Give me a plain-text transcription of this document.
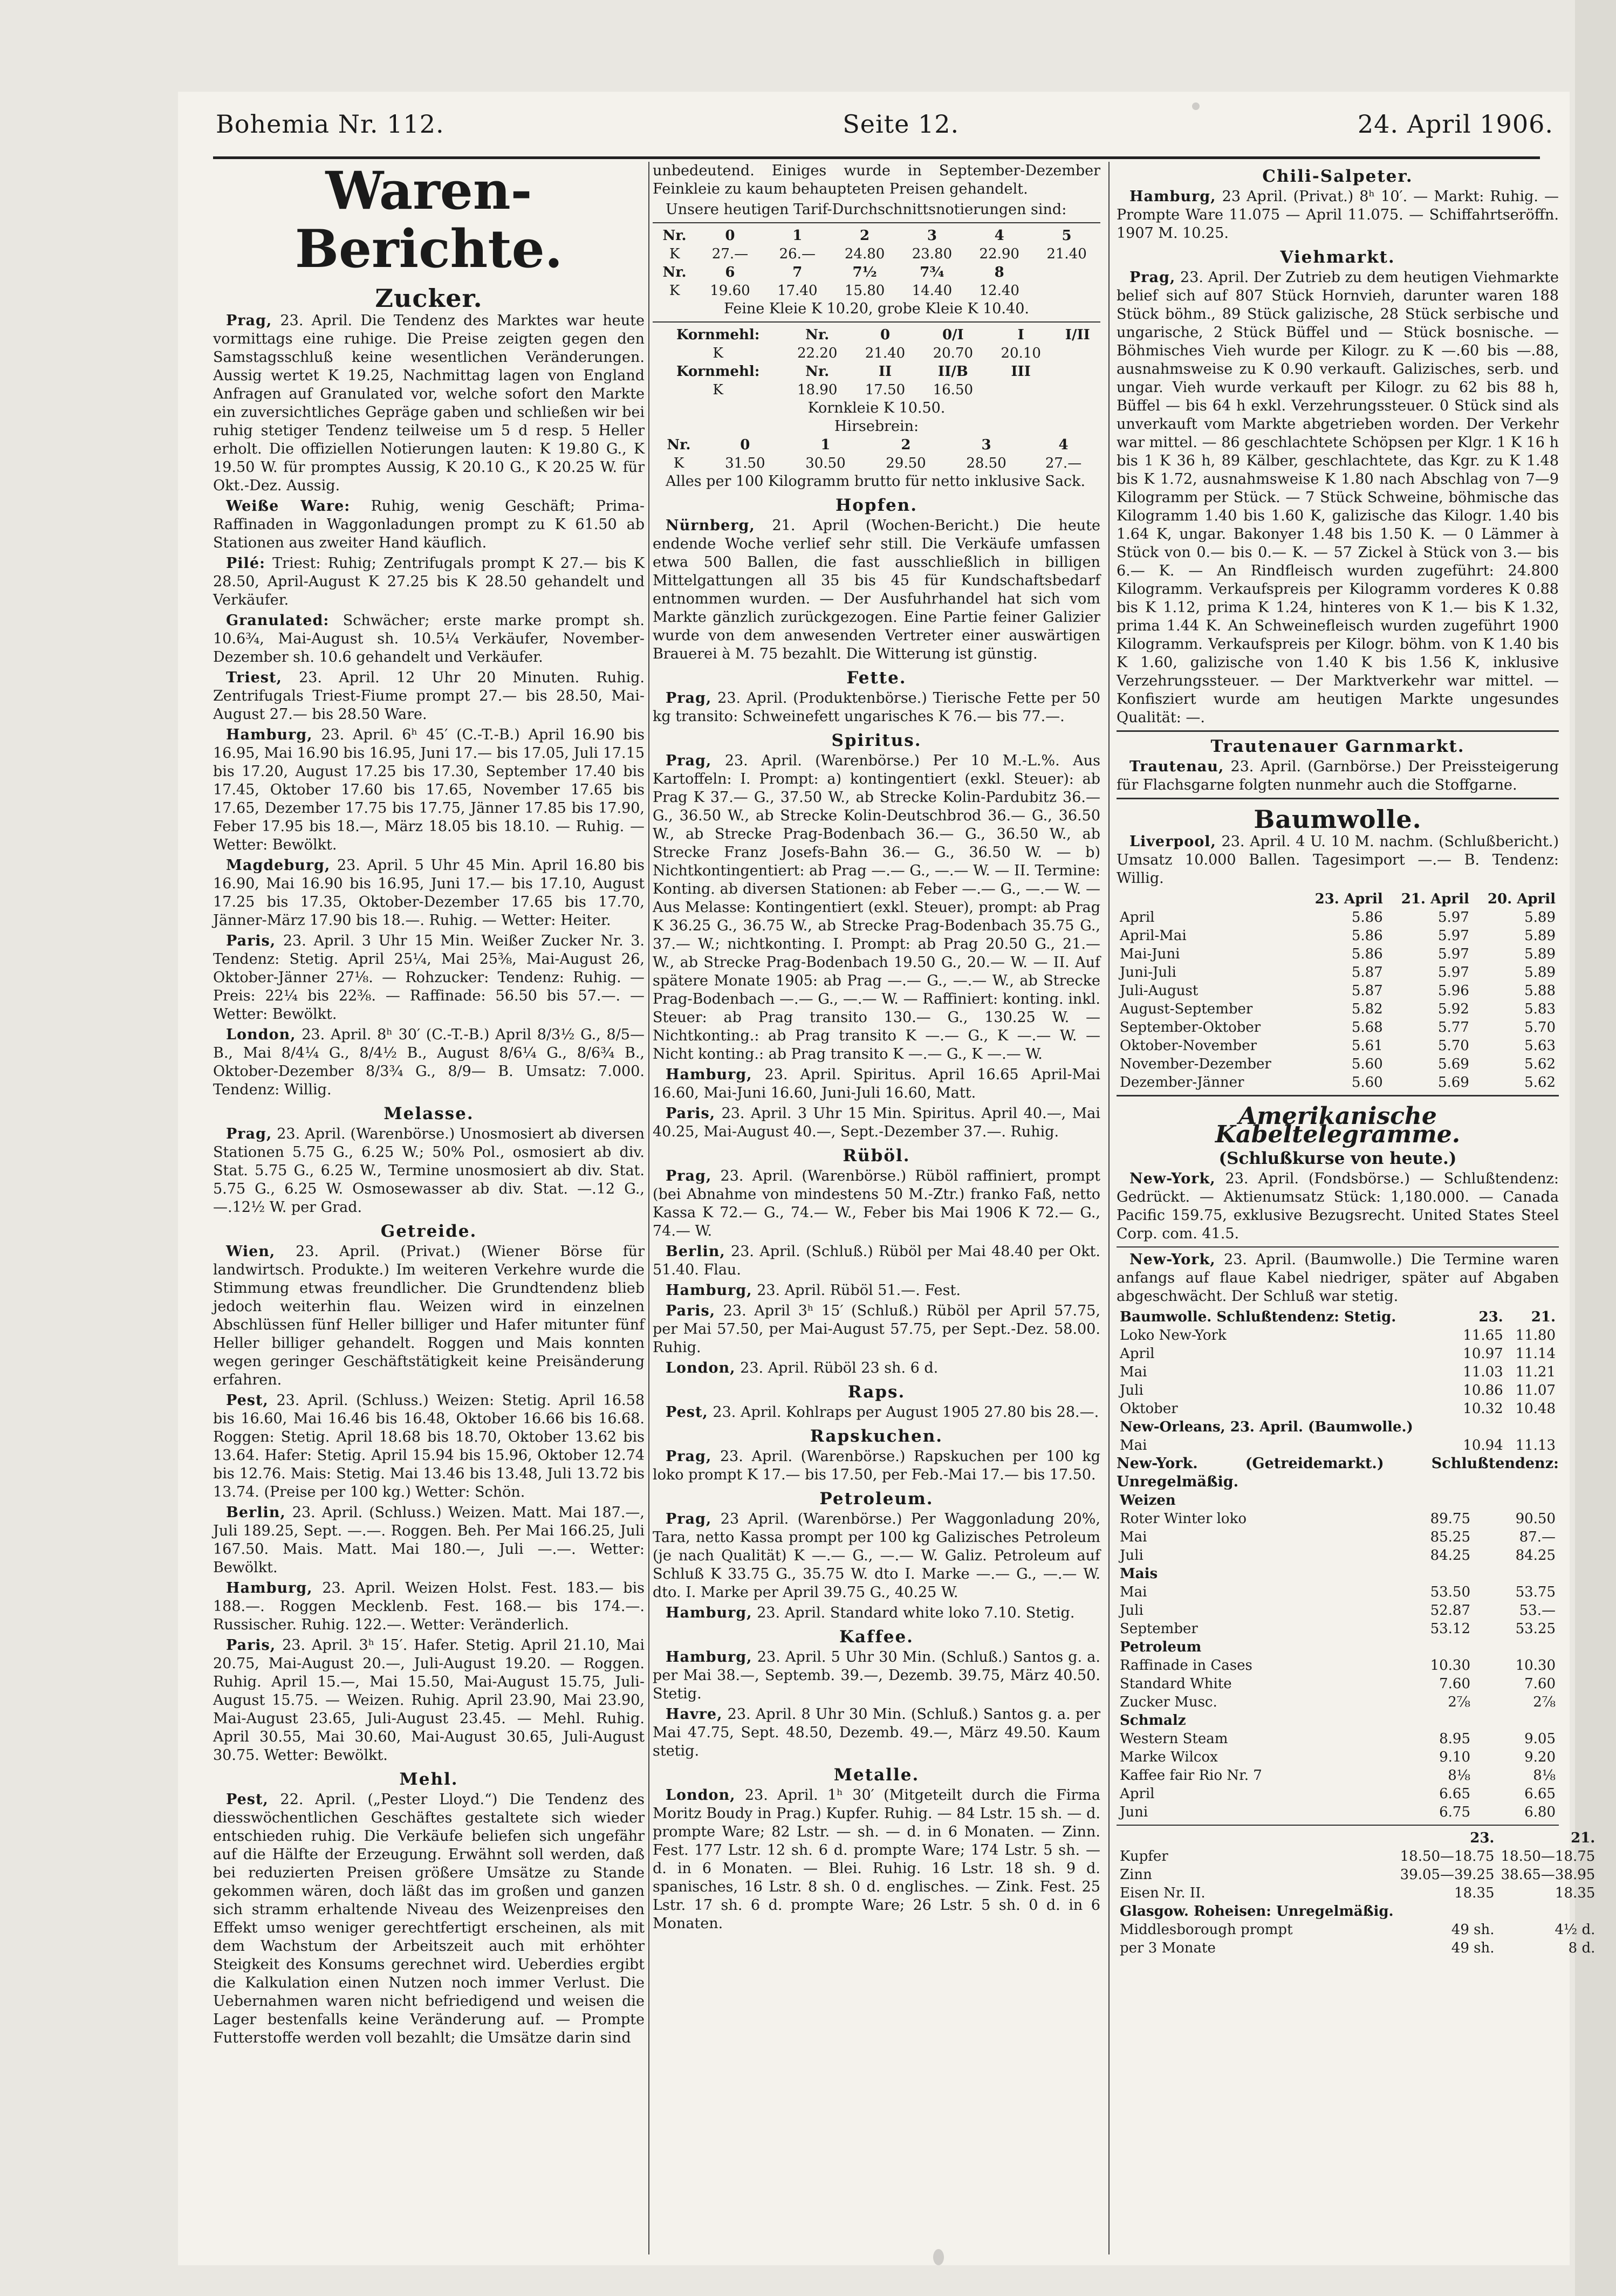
Bohemia Nr. 112.	Seite 12.	24. April 1906.
Waren-Berichte.
Zucker.

Prag, 23. April. Die Tendenz des Marktes war heute vormittags eine ruhige. Die Preise zeigten gegen den Samstagsschluß keine wesentlichen Veränderungen. Aussig wertet K 19.25, Nachmittag lagen von England Anfragen auf Granulated vor, welche sofort den Markte ein zuversichtliches Gepräge gaben und schließen wir bei ruhig stetiger Tendenz teilweise um 5 d resp. 5 Heller erholt. Die offiziellen Notierungen lauten: K 19.80 G., K 19.50 W. für promptes Aussig, K 20.10 G., K 20.25 W. für Okt.-Dez. Aussig.

Weiße Ware: Ruhig, wenig Geschäft; Prima-Raffinaden in Waggonladungen prompt zu K 61.50 ab Stationen aus zweiter Hand käuflich.

Pilé: Triest: Ruhig; Zentrifugals prompt K 27.— bis K 28.50, April-August K 27.25 bis K 28.50 gehandelt und Verkäufer.

Granulated: Schwächer; erste marke prompt sh. 10.6¾, Mai-August sh. 10.5¼ Verkäufer, November-Dezember sh. 10.6 gehandelt und Verkäufer.

Triest, 23. April. 12 Uhr 20 Minuten. Ruhig. Zentrifugals Triest-Fiume prompt 27.— bis 28.50, Mai-August 27.— bis 28.50 Ware.

Hamburg, 23. April. 6ʰ 45′ (C.-T.-B.) April 16.90 bis 16.95, Mai 16.90 bis 16.95, Juni 17.— bis 17.05, Juli 17.15 bis 17.20, August 17.25 bis 17.30, September 17.40 bis 17.45, Oktober 17.60 bis 17.65, November 17.65 bis 17.65, Dezember 17.75 bis 17.75, Jänner 17.85 bis 17.90, Feber 17.95 bis 18.—, März 18.05 bis 18.10. — Ruhig. — Wetter: Bewölkt.

Magdeburg, 23. April. 5 Uhr 45 Min. April 16.80 bis 16.90, Mai 16.90 bis 16.95, Juni 17.— bis 17.10, August 17.25 bis 17.35, Oktober-Dezember 17.65 bis 17.70, Jänner-März 17.90 bis 18.—. Ruhig. — Wetter: Heiter.

Paris, 23. April. 3 Uhr 15 Min. Weißer Zucker Nr. 3. Tendenz: Stetig. April 25¼, Mai 25⅜, Mai-August 26, Oktober-Jänner 27⅛. — Rohzucker: Tendenz: Ruhig. — Preis: 22¼ bis 22⅜. — Raffinade: 56.50 bis 57.—. — Wetter: Bewölkt.

London, 23. April. 8ʰ 30′ (C.-T.-B.) April 8/3½ G., 8/5— B., Mai 8/4¼ G., 8/4½ B., August 8/6¼ G., 8/6¾ B., Oktober-Dezember 8/3¾ G., 8/9— B. Umsatz: 7.000. Tendenz: Willig.

Melasse.

Prag, 23. April. (Warenbörse.) Unosmosiert ab diversen Stationen 5.75 G., 6.25 W.; 50% Pol., osmosiert ab div. Stat. 5.75 G., 6.25 W., Termine unosmosiert ab div. Stat. 5.75 G., 6.25 W. Osmosewasser ab div. Stat. —.12 G., —.12½ W. per Grad.

Getreide.

Wien, 23. April. (Privat.) (Wiener Börse für landwirtsch. Produkte.) Im weiteren Verkehre wurde die Stimmung etwas freundlicher. Die Grundtendenz blieb jedoch weiterhin flau. Weizen wird in einzelnen Abschlüssen fünf Heller billiger und Hafer mitunter fünf Heller billiger gehandelt. Roggen und Mais konnten wegen geringer Geschäftstätigkeit keine Preisänderung erfahren.

Pest, 23. April. (Schluss.) Weizen: Stetig. April 16.58 bis 16.60, Mai 16.46 bis 16.48, Oktober 16.66 bis 16.68. Roggen: Stetig. April 18.68 bis 18.70, Oktober 13.62 bis 13.64. Hafer: Stetig. April 15.94 bis 15.96, Oktober 12.74 bis 12.76. Mais: Stetig. Mai 13.46 bis 13.48, Juli 13.72 bis 13.74. (Preise per 100 kg.) Wetter: Schön.

Berlin, 23. April. (Schluss.) Weizen. Matt. Mai 187.—, Juli 189.25, Sept. —.—. Roggen. Beh. Per Mai 166.25, Juli 167.50. Mais. Matt. Mai 180.—, Juli —.—. Wetter: Bewölkt.

Hamburg, 23. April. Weizen Holst. Fest. 183.— bis 188.—. Roggen Mecklenb. Fest. 168.— bis 174.—. Russischer. Ruhig. 122.—. Wetter: Veränderlich.

Paris, 23. April. 3ʰ 15′. Hafer. Stetig. April 21.10, Mai 20.75, Mai-August 20.—, Juli-August 19.20. — Roggen. Ruhig. April 15.—, Mai 15.50, Mai-August 15.75, Juli-August 15.75. — Weizen. Ruhig. April 23.90, Mai 23.90, Mai-August 23.65, Juli-August 23.45. — Mehl. Ruhig. April 30.55, Mai 30.60, Mai-August 30.65, Juli-August 30.75. Wetter: Bewölkt.

Mehl.

Pest, 22. April. („Pester Lloyd.“) Die Tendenz des diesswöchentlichen Geschäftes gestaltete sich wieder entschieden ruhig. Die Verkäufe beliefen sich ungefähr auf die Hälfte der Erzeugung. Erwähnt soll werden, daß bei reduzierten Preisen größere Umsätze zu Stande gekommen wären, doch läßt das im großen und ganzen sich stramm erhaltende Niveau des Weizenpreises den Effekt umso weniger gerechtfertigt erscheinen, als mit dem Wachstum der Arbeitszeit auch mit erhöhter Steigkeit des Konsums gerechnet wird. Ueberdies ergibt die Kalkulation einen Nutzen noch immer Verlust. Die Uebernahmen waren nicht befriedigend und weisen die Lager bestenfalls keine Veränderung auf. — Prompte Futterstoffe werden voll bezahlt; die Umsätze darin sind

unbedeutend. Einiges wurde in September-Dezember Feinkleie zu kaum behaupteten Preisen gehandelt.

Unsere heutigen Tarif-Durchschnittsnotierungen sind:

Nr.	0	1	2	3	4	5
K	27.—	26.—	24.80	23.80	22.90	21.40
Nr.	6	7	7½	7¾	8	
K	19.60	17.40	15.80	14.40	12.40	
Feine Kleie K 10.20, grobe Kleie K 10.40.
Kornmehl:	Nr.	0	0/I	I	I/II
K	22.20	21.40	20.70	20.10	
Kornmehl:	Nr.	II	II/B	III	
K	18.90	17.50	16.50		
Kornkleie K 10.50.
Hirsebrein:
Nr.	0	1	2	3	4
K	31.50	30.50	29.50	28.50	27.—

Alles per 100 Kilogramm brutto für netto inklusive Sack.

Hopfen.

Nürnberg, 21. April (Wochen-Bericht.) Die heute endende Woche verlief sehr still. Die Verkäufe umfassen etwa 500 Ballen, die fast ausschließlich in billigen Mittelgattungen all 35 bis 45 für Kundschaftsbedarf entnommen wurden. — Der Ausfuhrhandel hat sich vom Markte gänzlich zurückgezogen. Eine Partie feiner Galizier wurde von dem anwesenden Vertreter einer auswärtigen Brauerei à M. 75 bezahlt. Die Witterung ist günstig.

Fette.

Prag, 23. April. (Produktenbörse.) Tierische Fette per 50 kg transito: Schweinefett ungarisches K 76.— bis 77.—.

Spiritus.

Prag, 23. April. (Warenbörse.) Per 10 M.-L.%. Aus Kartoffeln: I. Prompt: a) kontingentiert (exkl. Steuer): ab Prag K 37.— G., 37.50 W., ab Strecke Kolin-Pardubitz 36.— G., 36.50 W., ab Strecke Kolin-Deutschbrod 36.— G., 36.50 W., ab Strecke Prag-Bodenbach 36.— G., 36.50 W., ab Strecke Franz Josefs-Bahn 36.— G., 36.50 W. — b) Nichtkontingentiert: ab Prag —.— G., —.— W. — II. Termine: Konting. ab diversen Stationen: ab Feber —.— G., —.— W. — Aus Melasse: Kontingentiert (exkl. Steuer), prompt: ab Prag K 36.25 G., 36.75 W., ab Strecke Prag-Bodenbach 35.75 G., 37.— W.; nichtkonting. I. Prompt: ab Prag 20.50 G., 21.— W., ab Strecke Prag-Bodenbach 19.50 G., 20.— W. — II. Auf spätere Monate 1905: ab Prag —.— G., —.— W., ab Strecke Prag-Bodenbach —.— G., —.— W. — Raffiniert: konting. inkl. Steuer: ab Prag transito 130.— G., 130.25 W. — Nichtkonting.: ab Prag transito K —.— G., K —.— W. — Nicht konting.: ab Prag transito K —.— G., K —.— W.

Hamburg, 23. April. Spiritus. April 16.65 April-Mai 16.60, Mai-Juni 16.60, Juni-Juli 16.60, Matt.

Paris, 23. April. 3 Uhr 15 Min. Spiritus. April 40.—, Mai 40.25, Mai-August 40.—, Sept.-Dezember 37.—. Ruhig.

Rüböl.

Prag, 23. April. (Warenbörse.) Rüböl raffiniert, prompt (bei Abnahme von mindestens 50 M.-Ztr.) franko Faß, netto Kassa K 72.— G., 74.— W., Feber bis Mai 1906 K 72.— G., 74.— W.

Berlin, 23. April. (Schluß.) Rüböl per Mai 48.40 per Okt. 51.40. Flau.

Hamburg, 23. April. Rüböl 51.—. Fest.

Paris, 23. April 3ʰ 15′ (Schluß.) Rüböl per April 57.75, per Mai 57.50, per Mai-August 57.75, per Sept.-Dez. 58.00. Ruhig.

London, 23. April. Rüböl 23 sh. 6 d.

Raps.

Pest, 23. April. Kohlraps per August 1905 27.80 bis 28.—.

Rapskuchen.

Prag, 23. April. (Warenbörse.) Rapskuchen per 100 kg loko prompt K 17.— bis 17.50, per Feb.-Mai 17.— bis 17.50.

Petroleum.

Prag, 23 April. (Warenbörse.) Per Waggonladung 20%, Tara, netto Kassa prompt per 100 kg Galizisches Petroleum (je nach Qualität) K —.— G., —.— W. Galiz. Petroleum auf Schluß K 33.75 G., 35.75 W. dto I. Marke —.— G., —.— W. dto. I. Marke per April 39.75 G., 40.25 W.

Hamburg, 23. April. Standard white loko 7.10. Stetig.

Kaffee.

Hamburg, 23. April. 5 Uhr 30 Min. (Schluß.) Santos g. a. per Mai 38.—, Septemb. 39.—, Dezemb. 39.75, März 40.50. Stetig.

Havre, 23. April. 8 Uhr 30 Min. (Schluß.) Santos g. a. per Mai 47.75, Sept. 48.50, Dezemb. 49.—, März 49.50. Kaum stetig.

Metalle.

London, 23. April. 1ʰ 30′ (Mitgeteilt durch die Firma Moritz Boudy in Prag.) Kupfer. Ruhig. — 84 Lstr. 15 sh. — d. prompte Ware; 82 Lstr. — sh. — d. in 6 Monaten. — Zinn. Fest. 177 Lstr. 12 sh. 6 d. prompte Ware; 174 Lstr. 5 sh. — d. in 6 Monaten. — Blei. Ruhig. 16 Lstr. 18 sh. 9 d. spanisches, 16 Lstr. 8 sh. 0 d. englisches. — Zink. Fest. 25 Lstr. 17 sh. 6 d. prompte Ware; 26 Lstr. 5 sh. 0 d. in 6 Monaten.

Chili-Salpeter.

Hamburg, 23 April. (Privat.) 8ʰ 10′. — Markt: Ruhig. — Prompte Ware 11.075 — April 11.075. — Schiffahrtseröffn. 1907 M. 10.25.

Viehmarkt.

Prag, 23. April. Der Zutrieb zu dem heutigen Viehmarkte belief sich auf 807 Stück Hornvieh, darunter waren 188 Stück böhm., 89 Stück galizische, 28 Stück serbische und ungarische, 2 Stück Büffel und — Stück bosnische. — Böhmisches Vieh wurde per Kilogr. zu K —.60 bis —.88, ausnahmsweise zu K 0.90 verkauft. Galizisches, serb. und ungar. Vieh wurde verkauft per Kilogr. zu 62 bis 88 h, Büffel — bis 64 h exkl. Verzehrungssteuer. 0 Stück sind als unverkauft vom Markte abgetrieben worden. Der Verkehr war mittel. — 86 geschlachtete Schöpsen per Klgr. 1 K 16 h bis 1 K 36 h, 89 Kälber, geschlachtete, das Kgr. zu K 1.48 bis K 1.72, ausnahmsweise K 1.80 nach Abschlag von 7—9 Kilogramm per Stück. — 7 Stück Schweine, böhmische das Kilogramm 1.40 bis 1.60 K, galizische das Kilogr. 1.40 bis 1.64 K, ungar. Bakonyer 1.48 bis 1.50 K. — 0 Lämmer à Stück von 0.— bis 0.— K. — 57 Zickel à Stück von 3.— bis 6.— K. — An Rindfleisch wurden zugeführt: 24.800 Kilogramm. Verkaufspreis per Kilogramm vorderes K 0.88 bis K 1.12, prima K 1.24, hinteres von K 1.— bis K 1.32, prima 1.44 K. An Schweinefleisch wurden zugeführt 1900 Kilogramm. Verkaufspreis per Kilogr. böhm. von K 1.40 bis K 1.60, galizische von 1.40 K bis 1.56 K, inklusive Verzehrungssteuer. — Der Marktverkehr war mittel. — Konfisziert wurde am heutigen Markte ungesundes Qualität: —.

Trautenauer Garnmarkt.

Trautenau, 23. April. (Garnbörse.) Der Preissteigerung für Flachsgarne folgten nunmehr auch die Stoffgarne.

Baumwolle.

Liverpool, 23. April. 4 U. 10 M. nachm. (Schlußbericht.) Umsatz 10.000 Ballen. Tagesimport —.— B. Tendenz: Willig.

	23. April	21. April	20. April
April	5.86	5.97	5.89
April-Mai	5.86	5.97	5.89
Mai-Juni	5.86	5.97	5.89
Juni-Juli	5.87	5.97	5.89
Juli-August	5.87	5.96	5.88
August-September	5.82	5.92	5.83
September-Oktober	5.68	5.77	5.70
Oktober-November	5.61	5.70	5.63
November-Dezember	5.60	5.69	5.62
Dezember-Jänner	5.60	5.69	5.62
Amerikanische Kabeltelegramme.
(Schlußkurse von heute.)

New-York, 23. April. (Fondsbörse.) — Schlußtendenz: Gedrückt. — Aktienumsatz Stück: 1,180.000. — Canada Pacific 159.75, exklusive Bezugsrecht. United States Steel Corp. com. 41.5.

New-York, 23. April. (Baumwolle.) Die Termine waren anfangs auf flaue Kabel niedriger, später auf Abgaben abgeschwächt. Der Schluß war stetig.

Baumwolle. Schlußtendenz: Stetig.	23.	21.
Loko New-York	11.65	11.80
April	10.97	11.14
Mai	11.03	11.21
Juli	10.86	11.07
Oktober	10.32	10.48
New-Orleans, 23. April. (Baumwolle.)		
Mai	10.94	11.13
New-York. (Getreidemarkt.) Schlußtendenz: Unregelmäßig.
Weizen		
Roter Winter loko	89.75	90.50
Mai	85.25	87.—
Juli	84.25	84.25
Mais		
Mai	53.50	53.75
Juli	52.87	53.—
September	53.12	53.25
Petroleum		
Raffinade in Cases	10.30	10.30
Standard White	7.60	7.60
Zucker Musc.	2⅞	2⅞
Schmalz		
Western Steam	8.95	9.05
Marke Wilcox	9.10	9.20
Kaffee fair Rio Nr. 7	8⅛	8⅛
April	6.65	6.65
Juni	6.75	6.80
	23.	21.
Kupfer	18.50—18.75	18.50—18.75
Zinn	39.05—39.25	38.65—38.95
Eisen Nr. II.	18.35	18.35
Glasgow. Roheisen: Unregelmäßig.		
Middlesborough prompt	49 sh.	4½ d.
per 3 Monate	49 sh.	8 d.
